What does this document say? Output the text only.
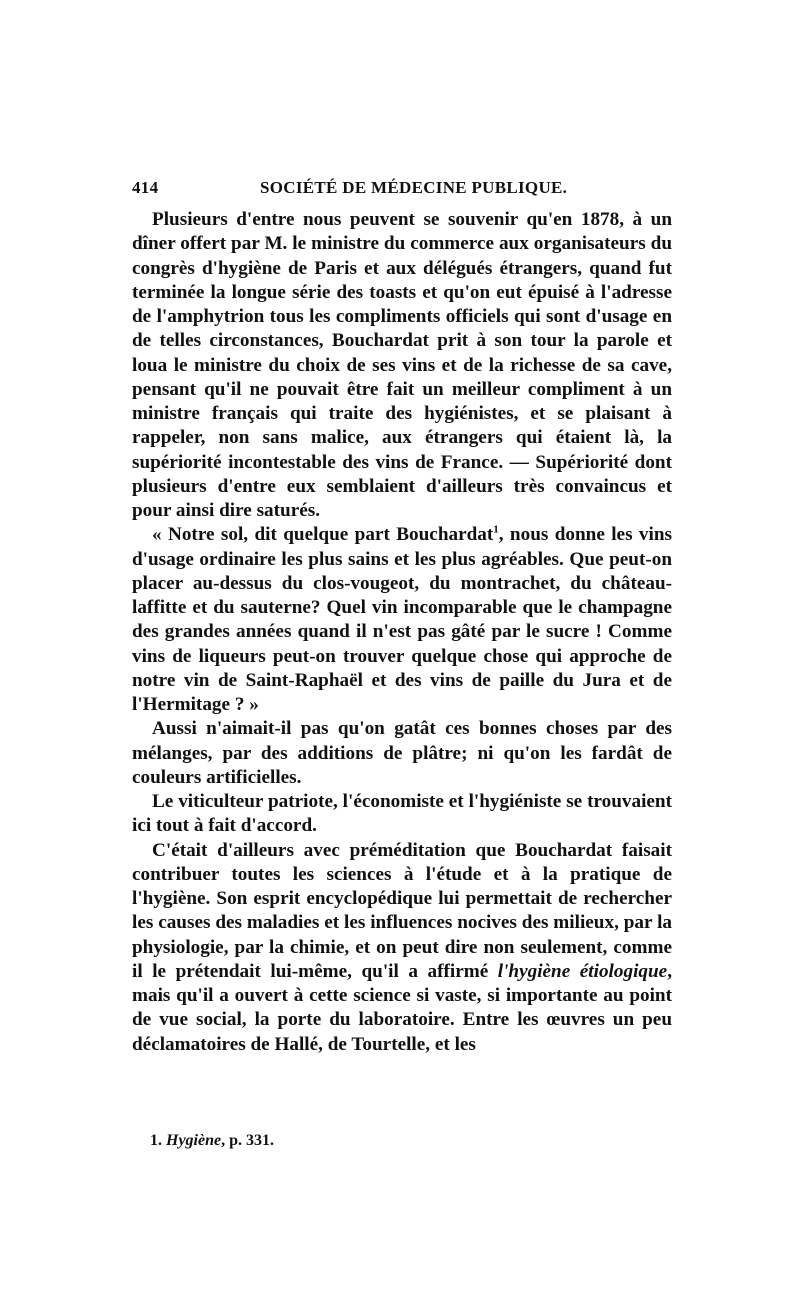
414	SOCIÉTÉ DE MÉDECINE PUBLIQUE.

Plusieurs d'entre nous peuvent se souvenir qu'en 1878, à un dîner offert par M. le ministre du commerce aux organisateurs du congrès d'hygiène de Paris et aux délégués étrangers, quand fut terminée la longue série des toasts et qu'on eut épuisé à l'adresse de l'amphytrion tous les compliments officiels qui sont d'usage en de telles circonstances, Bouchardat prit à son tour la parole et loua le ministre du choix de ses vins et de la richesse de sa cave, pensant qu'il ne pouvait être fait un meilleur compliment à un ministre français qui traite des hygiénistes, et se plaisant à rappeler, non sans malice, aux étrangers qui étaient là, la supériorité incontestable des vins de France. — Supériorité dont plusieurs d'entre eux semblaient d'ailleurs très convaincus et pour ainsi dire saturés.

« Notre sol, dit quelque part Bouchardat$^1$, nous donne les vins d'usage ordinaire les plus sains et les plus agréables. Que peut-on placer au-dessus du clos-vougeot, du montrachet, du château-laffitte et du sauterne? Quel vin incomparable que le champagne des grandes années quand il n'est pas gâté par le sucre ! Comme vins de liqueurs peut-on trouver quelque chose qui approche de notre vin de Saint-Raphaël et des vins de paille du Jura et de l'Hermitage ? »

Aussi n'aimait-il pas qu'on gatât ces bonnes choses par des mélanges, par des additions de plâtre; ni qu'on les fardât de couleurs artificielles.

Le viticulteur patriote, l'économiste et l'hygiéniste se trouvaient ici tout à fait d'accord.

C'était d'ailleurs avec préméditation que Bouchardat faisait contribuer toutes les sciences à l'étude et à la pratique de l'hygiène. Son esprit encyclopédique lui permettait de rechercher les causes des maladies et les influences nocives des milieux, par la physiologie, par la chimie, et on peut dire non seulement, comme il le prétendait lui-même, qu'il a affirmé l'hygiène étiologique, mais qu'il a ouvert à cette science si vaste, si importante au point de vue social, la porte du laboratoire. Entre les œuvres un peu déclamatoires de Hallé, de Tourtelle, et les

1. Hygiène, p. 331.
